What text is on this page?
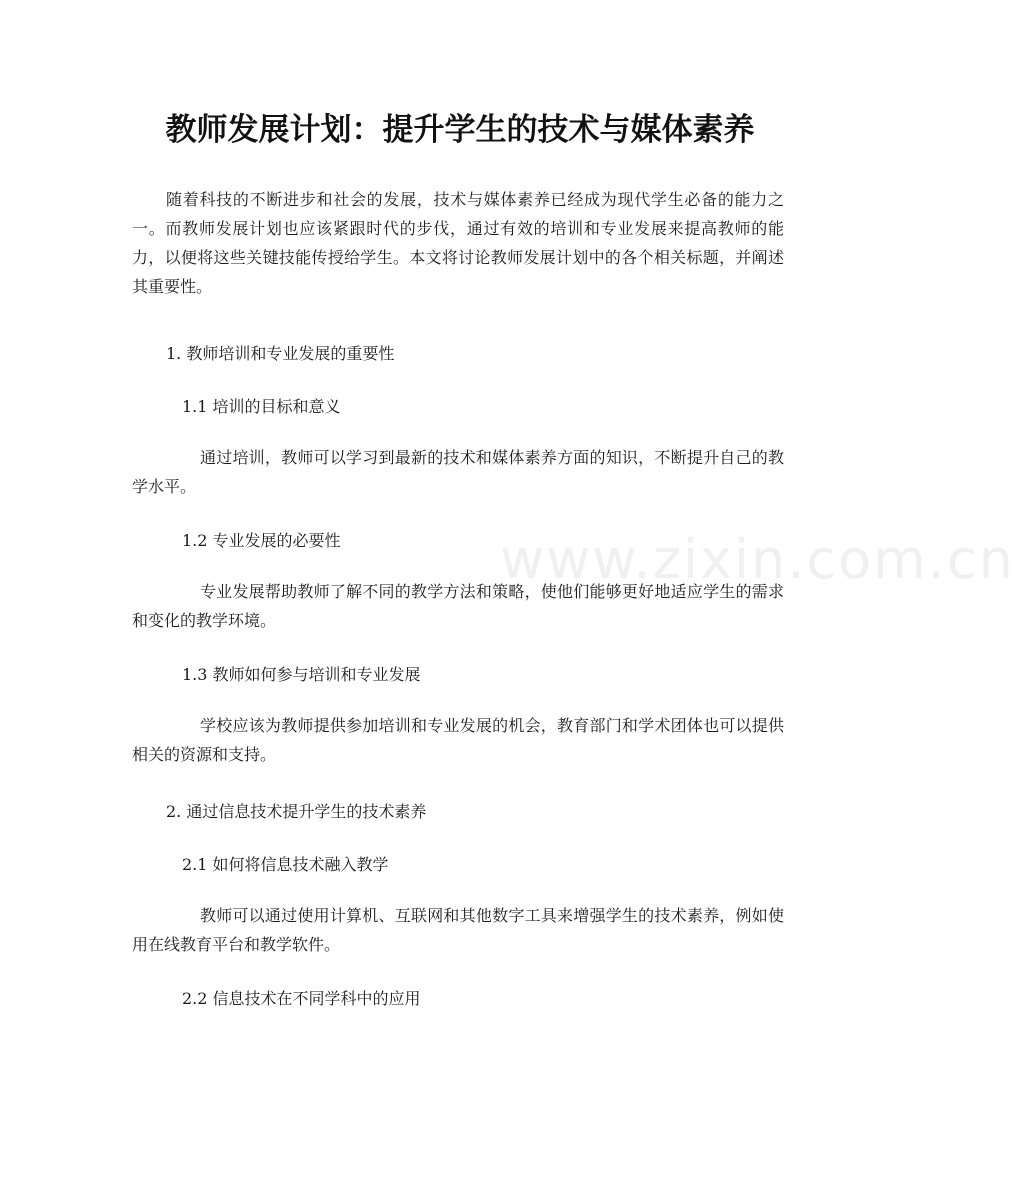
www.zixin.com.cn
教师发展计划：提升学生的技术与媒体素养

随着科技的不断进步和社会的发展，技术与媒体素养已经成为现代学生必备的能力之一。而教师发展计划也应该紧跟时代的步伐，通过有效的培训和专业发展来提高教师的能力，以便将这些关键技能传授给学生。本文将讨论教师发展计划中的各个相关标题，并阐述其重要性。

1. 教师培训和专业发展的重要性

1.1 培训的目标和意义

通过培训，教师可以学习到最新的技术和媒体素养方面的知识，不断提升自己的教学水平。

1.2 专业发展的必要性

专业发展帮助教师了解不同的教学方法和策略，使他们能够更好地适应学生的需求和变化的教学环境。

1.3 教师如何参与培训和专业发展

学校应该为教师提供参加培训和专业发展的机会，教育部门和学术团体也可以提供相关的资源和支持。

2. 通过信息技术提升学生的技术素养

2.1 如何将信息技术融入教学

教师可以通过使用计算机、互联网和其他数字工具来增强学生的技术素养，例如使用在线教育平台和教学软件。

2.2 信息技术在不同学科中的应用
